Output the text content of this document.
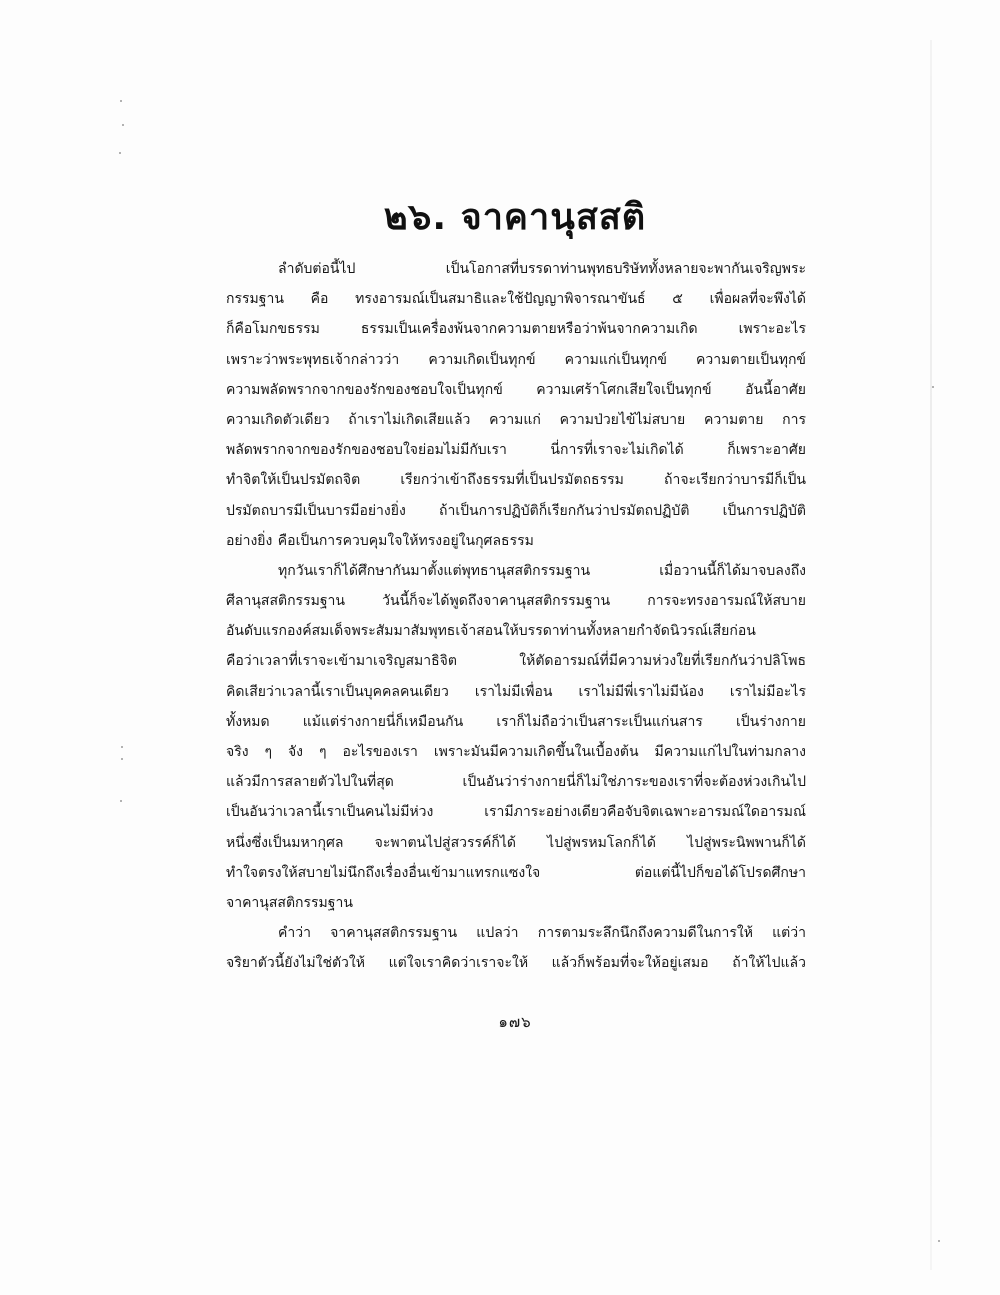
๒๖. จาคานุสสติ
ลำดับต่อนี้ไป เป็นโอกาสที่บรรดาท่านพุทธบริษัททั้งหลายจะพากันเจริญพระ
กรรมฐาน คือ ทรงอารมณ์เป็นสมาธิและใช้ปัญญาพิจารณาขันธ์ ๕ เพื่อผลที่จะพึงได้
ก็คือโมกขธรรม ธรรมเป็นเครื่องพ้นจากความตายหรือว่าพ้นจากความเกิด เพราะอะไร
เพราะว่าพระพุทธเจ้ากล่าวว่า ความเกิดเป็นทุกข์ ความแก่เป็นทุกข์ ความตายเป็นทุกข์
ความพลัดพรากจากของรักของชอบใจเป็นทุกข์ ความเศร้าโศกเสียใจเป็นทุกข์ อันนี้อาศัย
ความเกิดตัวเดียว ถ้าเราไม่เกิดเสียแล้ว ความแก่ ความป่วยไข้ไม่สบาย ความตาย การ
พลัดพรากจากของรักของชอบใจย่อมไม่มีกับเรา นี่การที่เราจะไม่เกิดได้ ก็เพราะอาศัย
ทำจิตให้เป็นปรมัตถจิต เรียกว่าเข้าถึงธรรมที่เป็นปรมัตถธรรม ถ้าจะเรียกว่าบารมีก็เป็น
ปรมัตถบารมีเป็นบารมีอย่างยิ่ง ถ้าเป็นการปฏิบัติก็เรียกกันว่าปรมัตถปฏิบัติ เป็นการปฏิบัติ
อย่างยิ่ง คือเป็นการควบคุมใจให้ทรงอยู่ในกุศลธรรม
ทุกวันเราก็ได้ศึกษากันมาตั้งแต่พุทธานุสสติกรรมฐาน เมื่อวานนี้ก็ได้มาจบลงถึง
ศีลานุสสติกรรมฐาน วันนี้ก็จะได้พูดถึงจาคานุสสติกรรมฐาน การจะทรงอารมณ์ให้สบาย
อันดับแรกองค์สมเด็จพระสัมมาสัมพุทธเจ้าสอนให้บรรดาท่านทั้งหลายกำจัดนิวรณ์เสียก่อน
คือว่าเวลาที่เราจะเข้ามาเจริญสมาธิจิต ให้ตัดอารมณ์ที่มีความห่วงใยที่เรียกกันว่าปลิโพธ
คิดเสียว่าเวลานี้เราเป็นบุคคลคนเดียว เราไม่มีเพื่อน เราไม่มีพี่เราไม่มีน้อง เราไม่มีอะไร
ทั้งหมด แม้แต่ร่างกายนี่ก็เหมือนกัน เราก็ไม่ถือว่าเป็นสาระเป็นแก่นสาร เป็นร่างกาย
จริง ๆ จัง ๆ อะไรของเรา เพราะมันมีความเกิดขึ้นในเบื้องต้น มีความแก่ไปในท่ามกลาง
แล้วมีการสลายตัวไปในที่สุด เป็นอันว่าร่างกายนี่ก็ไม่ใช่ภาระของเราที่จะต้องห่วงเกินไป
เป็นอันว่าเวลานี้เราเป็นคนไม่มีห่วง เรามีภาระอย่างเดียวคือจับจิตเฉพาะอารมณ์ใดอารมณ์
หนึ่งซึ่งเป็นมหากุศล จะพาตนไปสู่สวรรค์ก็ได้ ไปสู่พรหมโลกก็ได้ ไปสู่พระนิพพานก็ได้
ทำใจตรงให้สบายไม่นึกถึงเรื่องอื่นเข้ามาแทรกแซงใจ ต่อแต่นี้ไปก็ขอได้โปรดศึกษา
จาคานุสสติกรรมฐาน
คำว่า จาคานุสสติกรรมฐาน แปลว่า การตามระลึกนึกถึงความดีในการให้ แต่ว่า
จริยาตัวนี้ยังไม่ใช่ตัวให้ แต่ใจเราคิดว่าเราจะให้ แล้วก็พร้อมที่จะให้อยู่เสมอ ถ้าให้ไปแล้ว
๑๗๖
